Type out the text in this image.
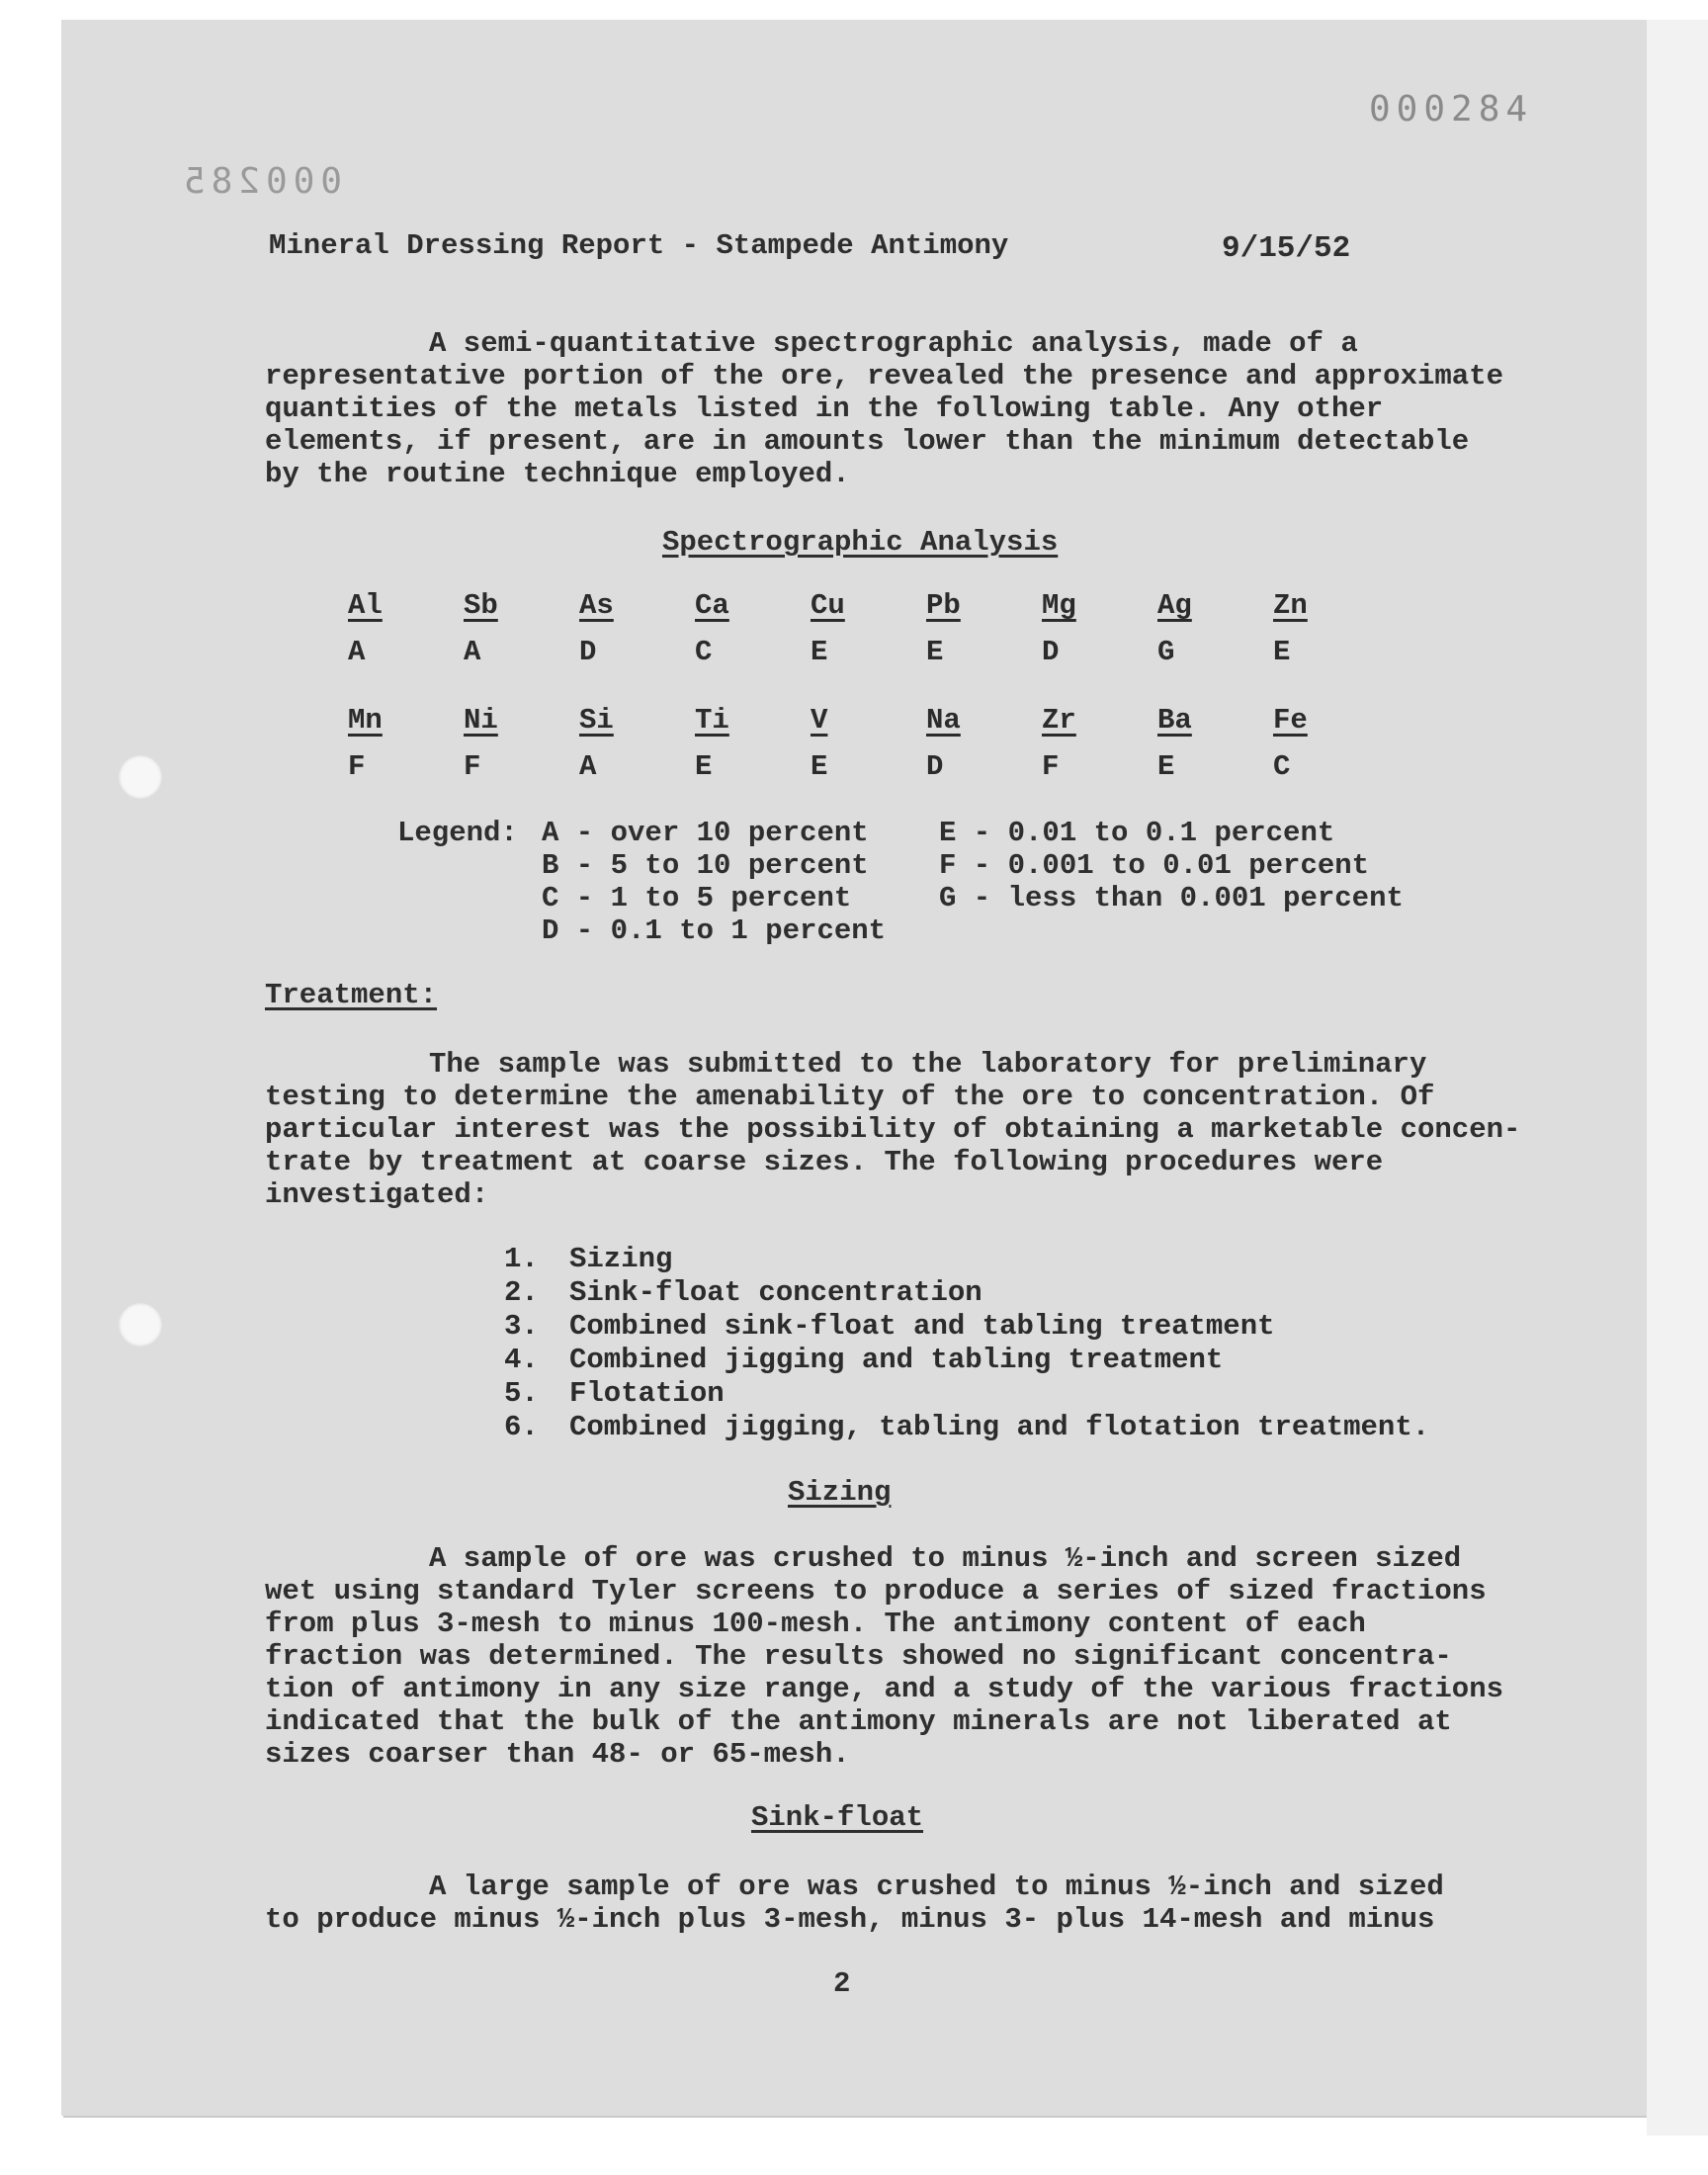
000284
000285
Mineral Dressing Report - Stampede Antimony	9/15/52
A semi-quantitative spectrographic analysis, made of a
representative portion of the ore, revealed the presence and approximate
quantities of the metals listed in the following table. Any other
elements, if present, are in amounts lower than the minimum detectable
by the routine technique employed.
Spectrographic Analysis
Al
A
Sb
A
As
D
Ca
C
Cu
E
Pb
E
Mg
D
Ag
G
Zn
E
Mn
F
Ni
F
Si
A
Ti
E
V
E
Na
D
Zr
F
Ba
E
Fe
C
Legend: A - over 10 percent
B - 5 to 10 percent
C - 1 to 5 percent
D - 0.1 to 1 percent
E - 0.01 to 0.1 percent
F - 0.001 to 0.01 percent
G - less than 0.001 percent
Treatment:
The sample was submitted to the laboratory for preliminary
testing to determine the amenability of the ore to concentration. Of
particular interest was the possibility of obtaining a marketable concen-
trate by treatment at coarse sizes. The following procedures were
investigated:
1. Sizing
2. Sink-float concentration
3. Combined sink-float and tabling treatment
4. Combined jigging and tabling treatment
5. Flotation
6. Combined jigging, tabling and flotation treatment.
Sizing
A sample of ore was crushed to minus ½-inch and screen sized
wet using standard Tyler screens to produce a series of sized fractions
from plus 3-mesh to minus 100-mesh. The antimony content of each
fraction was determined. The results showed no significant concentra-
tion of antimony in any size range, and a study of the various fractions
indicated that the bulk of the antimony minerals are not liberated at
sizes coarser than 48- or 65-mesh.
Sink-float
A large sample of ore was crushed to minus ½-inch and sized
to produce minus ½-inch plus 3-mesh, minus 3- plus 14-mesh and minus
2
